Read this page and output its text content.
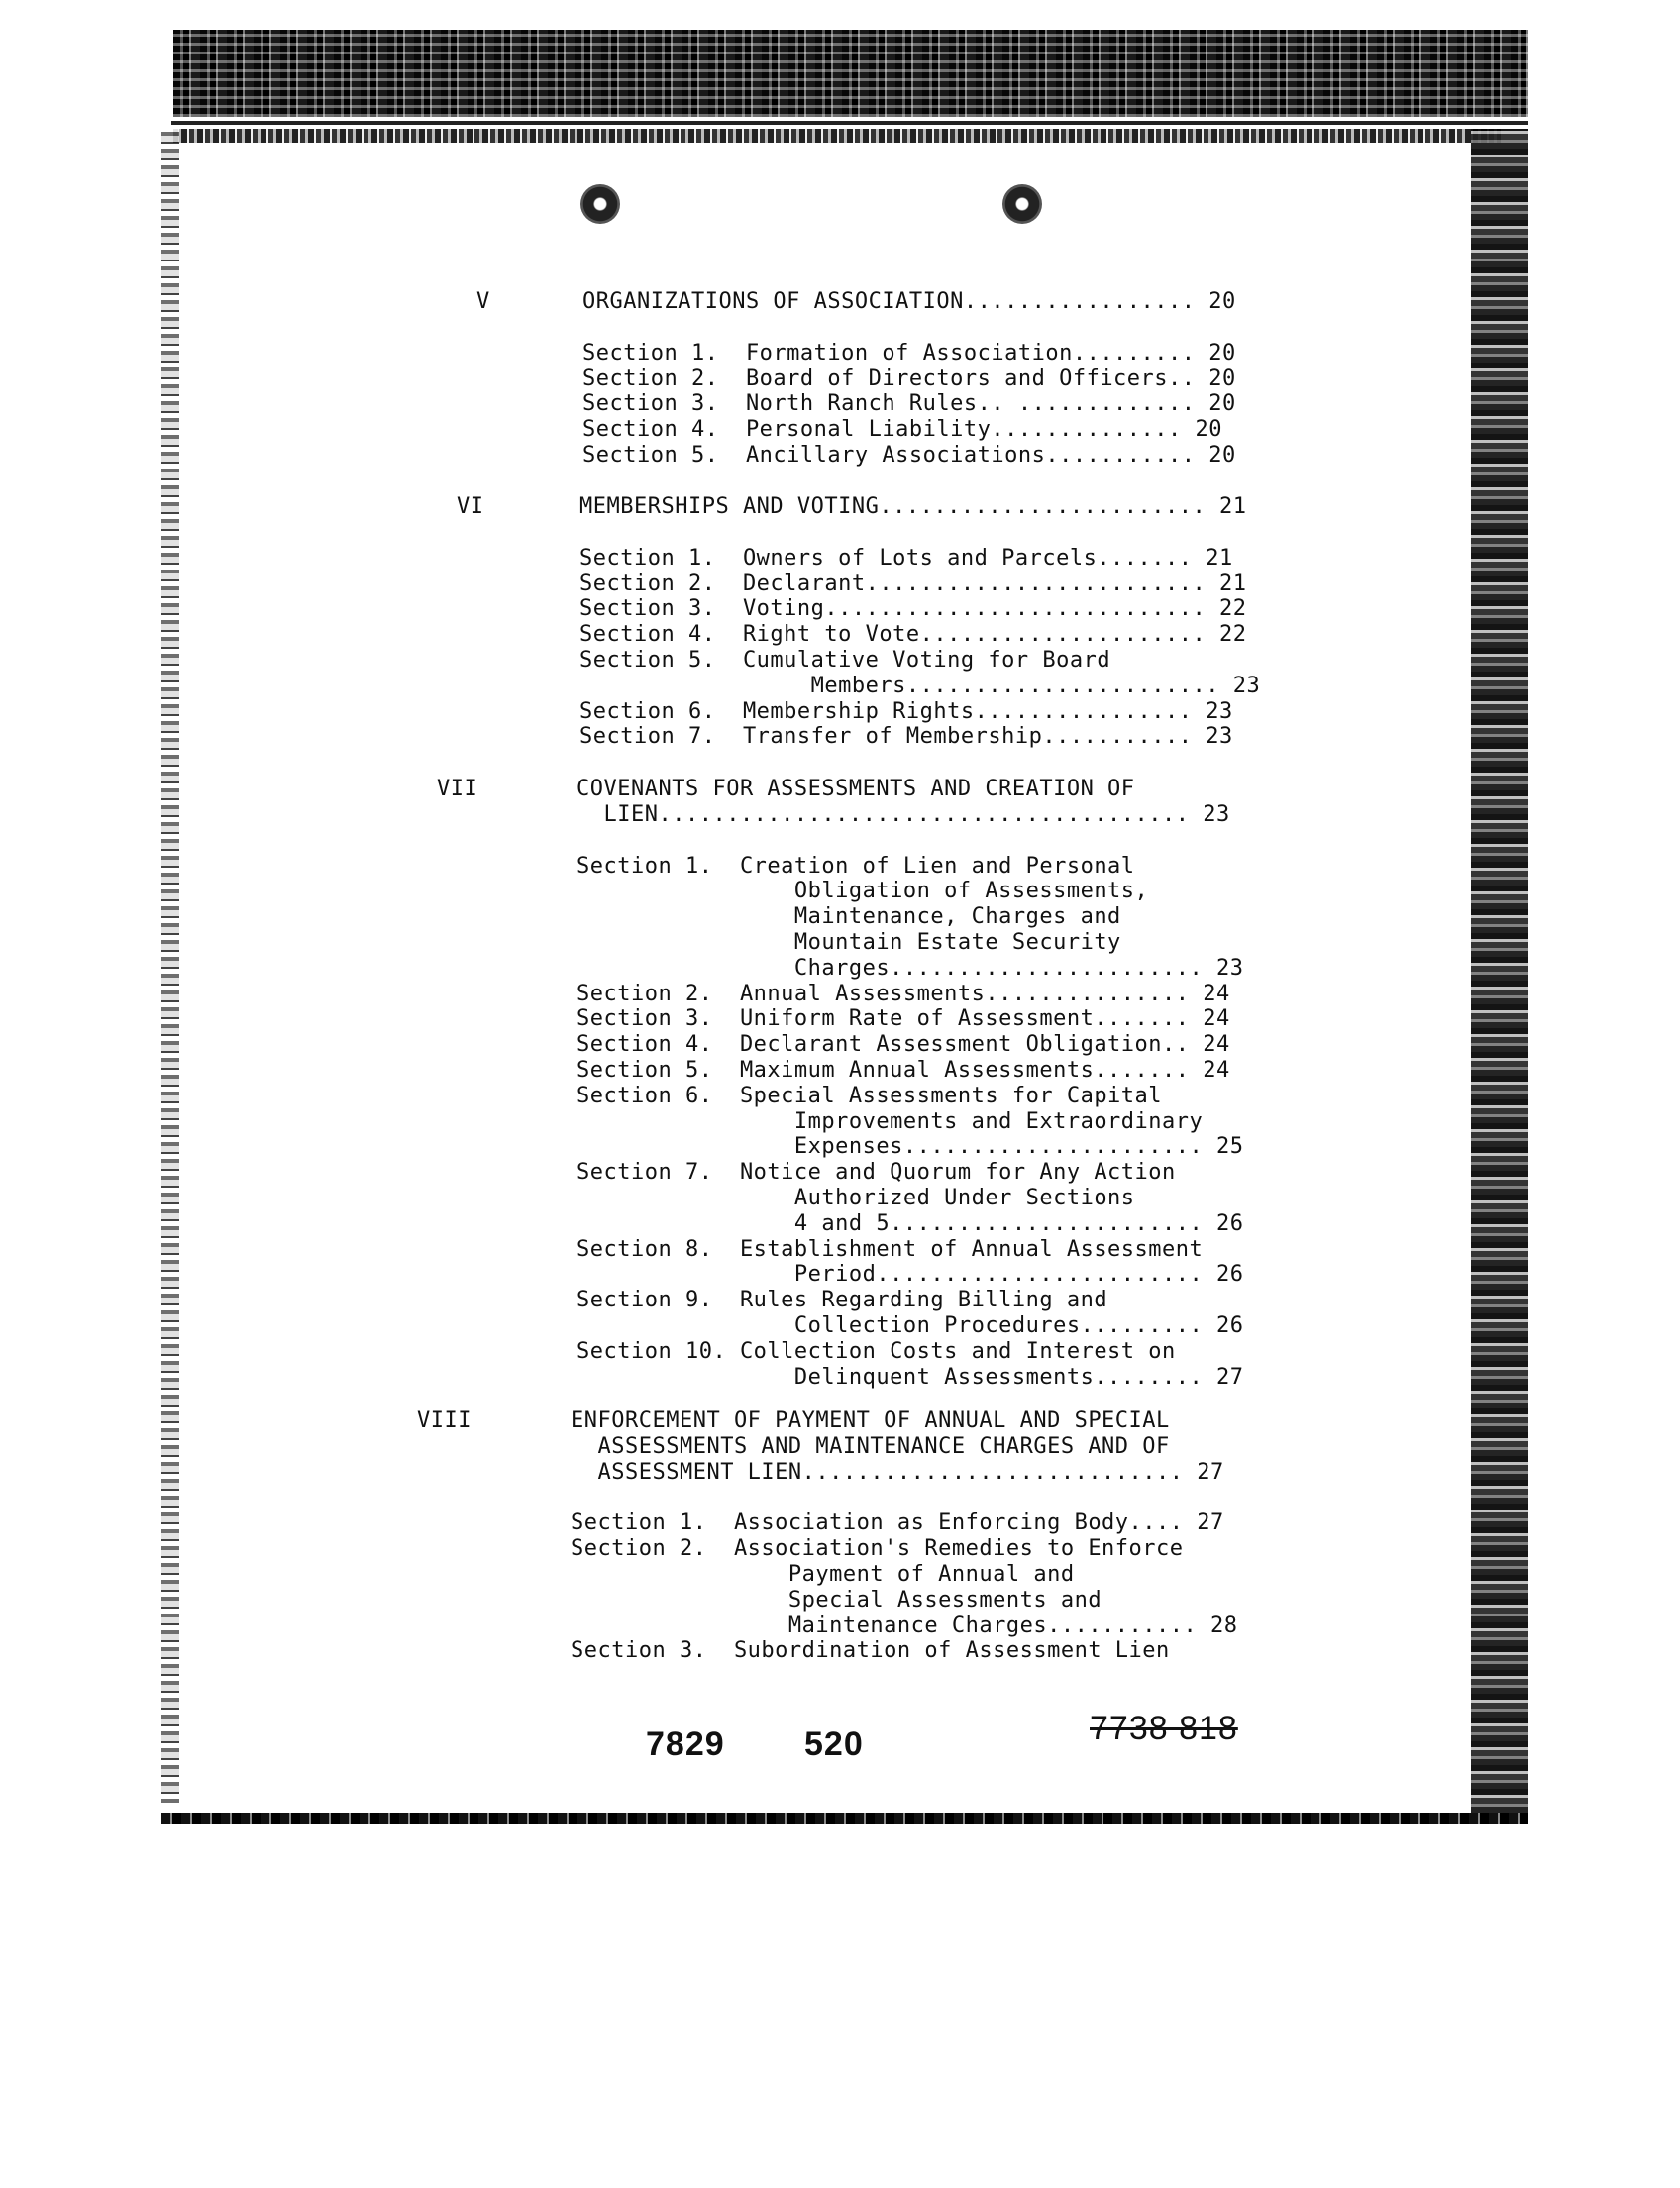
V	ORGANIZATIONS OF ASSOCIATION................. 20
Section 1.  Formation of Association......... 20
Section 2.  Board of Directors and Officers.. 20
Section 3.  North Ranch Rules.. ............. 20
Section 4.  Personal Liability.............. 20
Section 5.  Ancillary Associations........... 20
VI	MEMBERSHIPS AND VOTING........................ 21
Section 1.  Owners of Lots and Parcels....... 21
Section 2.  Declarant......................... 21
Section 3.  Voting............................ 22
Section 4.  Right to Vote..................... 22
Section 5.  Cumulative Voting for Board
Members....................... 23
Section 6.  Membership Rights................ 23
Section 7.  Transfer of Membership........... 23
VII	COVENANTS FOR ASSESSMENTS AND CREATION OF
LIEN....................................... 23
Section 1.  Creation of Lien and Personal
Obligation of Assessments,
Maintenance, Charges and
Mountain Estate Security
Charges....................... 23
Section 2.  Annual Assessments............... 24
Section 3.  Uniform Rate of Assessment....... 24
Section 4.  Declarant Assessment Obligation.. 24
Section 5.  Maximum Annual Assessments....... 24
Section 6.  Special Assessments for Capital
Improvements and Extraordinary
Expenses...................... 25
Section 7.  Notice and Quorum for Any Action
Authorized Under Sections
4 and 5....................... 26
Section 8.  Establishment of Annual Assessment
Period........................ 26
Section 9.  Rules Regarding Billing and
Collection Procedures......... 26
Section 10. Collection Costs and Interest on
Delinquent Assessments........ 27
VIII	ENFORCEMENT OF PAYMENT OF ANNUAL AND SPECIAL
ASSESSMENTS AND MAINTENANCE CHARGES AND OF
ASSESSMENT LIEN............................ 27
Section 1.  Association as Enforcing Body.... 27
Section 2.  Association's Remedies to Enforce
Payment of Annual and
Special Assessments and
Maintenance Charges........... 28
Section 3.  Subordination of Assessment Lien
7829 520	7738 818
